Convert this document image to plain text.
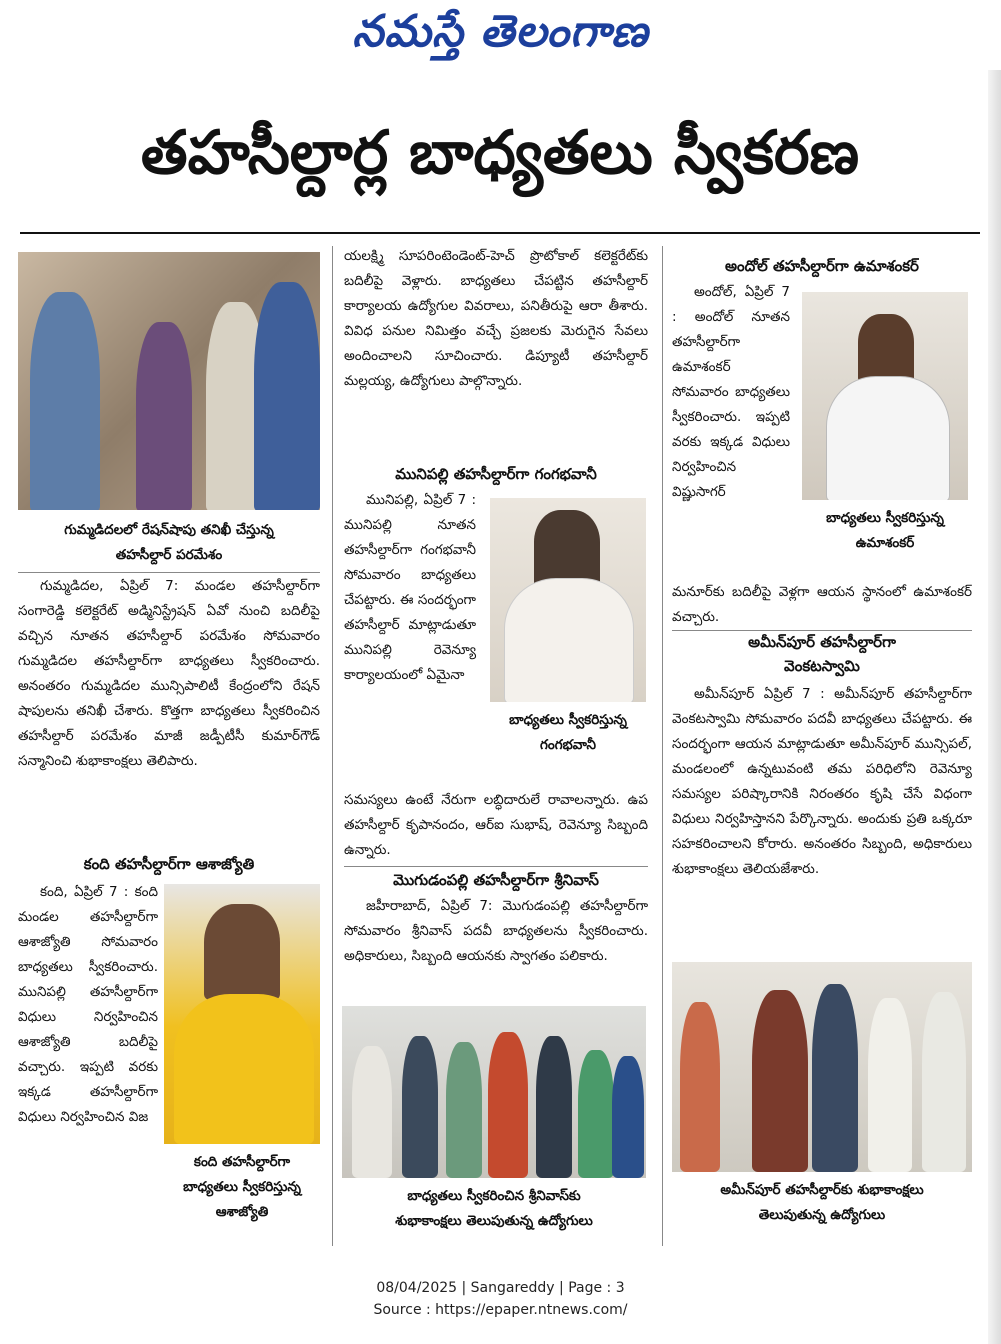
నమస్తే తెలంగాణ
తహసీల్దార్ల బాధ్యతలు స్వీకరణ
గుమ్మడిదలలో రేషన్‌షాపు తనిఖీ చేస్తున్న
తహసీల్దార్ పరమేశం
గుమ్మడిదల, ఏప్రిల్ 7: మండల తహసీల్దార్‌గా సంగారెడ్డి కలెక్టరేట్ అడ్మినిస్ట్రేషన్ ఏవో నుంచి బదిలీపై వచ్చిన నూతన తహసీల్దార్ పరమేశం సోమవారం గుమ్మడిదల తహసీల్దార్‌గా బాధ్యతలు స్వీకరించారు. అనంతరం గుమ్మడిదల మున్సిపాలిటీ కేంద్రంలోని రేషన్ షాపులను తనిఖీ చేశారు. కొత్తగా బాధ్యతలు స్వీకరించిన తహసీల్దార్ పరమేశం మాజీ జడ్పీటీసీ కుమార్‌గౌడ్ సన్మానించి శుభాకాంక్షలు తెలిపారు.
కంది తహసీల్దార్‌గా ఆశాజ్యోతి
కంది, ఏప్రిల్ 7 : కంది మండల తహసీల్దార్‌గా ఆశాజ్యోతి సోమవారం బాధ్యతలు స్వీకరించారు. మునిపల్లి తహసీల్దార్‌గా విధులు నిర్వహించిన ఆశాజ్యోతి బదిలీపై వచ్చారు. ఇప్పటి వరకు ఇక్కడ తహసీల్దార్‌గా విధులు నిర్వహించిన విజ
కంది తహసీల్దార్‌గా
బాధ్యతలు స్వీకరిస్తున్న
ఆశాజ్యోతి
యలక్ష్మి సూపరింటెండెంట్-హెచ్ ప్రొటోకాల్ కలెక్టరేట్‌కు బదిలీపై వెళ్లారు. బాధ్యతలు చేపట్టిన తహసీల్దార్ కార్యాలయ ఉద్యోగుల వివరాలు, పనితీరుపై ఆరా తీశారు. వివిధ పనుల నిమిత్తం వచ్చే ప్రజలకు మెరుగైన సేవలు అందించాలని సూచించారు. డిప్యూటీ తహసీల్దార్ మల్లయ్య, ఉద్యోగులు పాల్గొన్నారు.
మునిపల్లి తహసీల్దార్‌గా గంగభవానీ
మునిపల్లి, ఏప్రిల్ 7 : మునిపల్లి నూతన తహసీల్దార్‌గా గంగభవానీ సోమవారం బాధ్యతలు చేపట్టారు. ఈ సందర్భంగా తహసీల్దార్ మాట్లాడుతూ మునిపల్లి రెవెన్యూ కార్యాలయంలో ఏమైనా
బాధ్యతలు స్వీకరిస్తున్న
గంగభవానీ
సమస్యలు ఉంటే నేరుగా లబ్ధిదారులే రావాలన్నారు. ఉప తహసీల్దార్ కృపానందం, ఆర్ఐ సుభాష్, రెవెన్యూ సిబ్బంది ఉన్నారు.
మొగుడంపల్లి తహసీల్దార్‌గా శ్రీనివాస్
జహీరాబాద్, ఏప్రిల్ 7: మొగుడంపల్లి తహసీల్దార్‌గా సోమవారం శ్రీనివాస్ పదవీ బాధ్యతలను స్వీకరించారు. అధికారులు, సిబ్బంది ఆయనకు స్వాగతం పలికారు.
బాధ్యతలు స్వీకరించిన శ్రీనివాస్‌కు
శుభాకాంక్షలు తెలుపుతున్న ఉద్యోగులు
అందోల్ తహసీల్దార్‌గా ఉమాశంకర్
అందోల్, ఏప్రిల్ 7 : అందోల్ నూతన తహసీల్దార్‌గా ఉమాశంకర్ సోమవారం బాధ్యతలు స్వీకరించారు. ఇప్పటి వరకు ఇక్కడ విధులు నిర్వహించిన విష్ణుసాగర్
బాధ్యతలు స్వీకరిస్తున్న
ఉమాశంకర్
మనూర్‌కు బదిలీపై వెళ్లగా ఆయన స్థానంలో ఉమాశంకర్ వచ్చారు.
అమీన్‌పూర్ తహసీల్దార్‌గా
వెంకటస్వామి
అమీన్‌పూర్ ఏప్రిల్ 7 : అమీన్‌పూర్ తహసీల్దార్‌గా వెంకటస్వామి సోమవారం పదవీ బాధ్యతలు చేపట్టారు. ఈ సందర్భంగా ఆయన మాట్లాడుతూ అమీన్‌పూర్ మున్సిపల్, మండలంలో ఉన్నటువంటి తమ పరిధిలోని రెవెన్యూ సమస్యల పరిష్కారానికి నిరంతరం కృషి చేసే విధంగా విధులు నిర్వహిస్తానని పేర్కొన్నారు. అందుకు ప్రతి ఒక్కరూ సహకరించాలని కోరారు. అనంతరం సిబ్బంది, అధికారులు శుభాకాంక్షలు తెలియజేశారు.
అమీన్‌పూర్ తహసీల్దార్‌కు శుభాకాంక్షలు
తెలుపుతున్న ఉద్యోగులు
08/04/2025 | Sangareddy | Page : 3
Source : https://epaper.ntnews.com/
